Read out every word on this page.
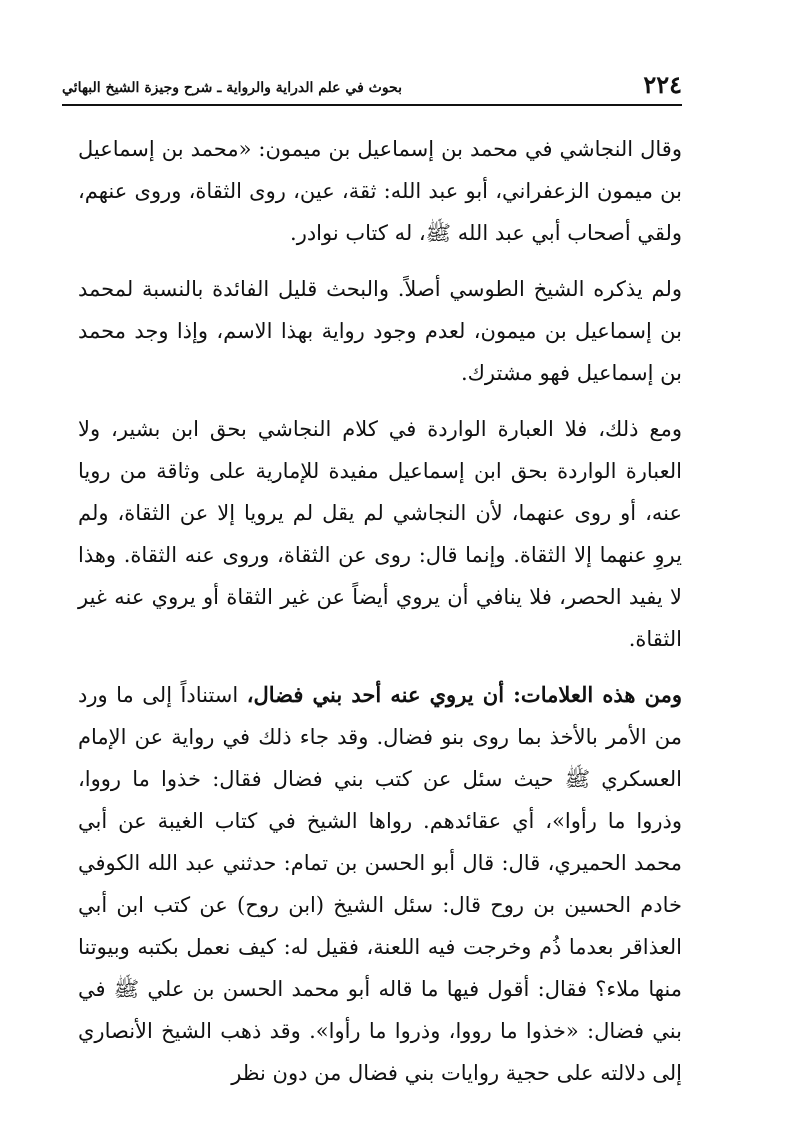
٢٢٤
بحوث في علم الدراية والرواية ـ شرح وجيزة الشيخ البهائي

وقال النجاشي في محمد بن إسماعيل بن ميمون: «محمد بن إسماعيل بن ميمون الزعفراني، أبو عبد الله: ثقة، عين، روى الثقاة، وروى عنهم، ولقي أصحاب أبي عبد الله ﷺ، له كتاب نوادر.

ولم يذكره الشيخ الطوسي أصلاً. والبحث قليل الفائدة بالنسبة لمحمد بن إسماعيل بن ميمون، لعدم وجود رواية بهذا الاسم، وإذا وجد محمد بن إسماعيل فهو مشترك.

ومع ذلك، فلا العبارة الواردة في كلام النجاشي بحق ابن بشير، ولا العبارة الواردة بحق ابن إسماعيل مفيدة للإمارية على وثاقة من رويا عنه، أو روى عنهما، لأن النجاشي لم يقل لم يرويا إلا عن الثقاة، ولم يروِ عنهما إلا الثقاة. وإنما قال: روى عن الثقاة، وروى عنه الثقاة. وهذا لا يفيد الحصر، فلا ينافي أن يروي أيضاً عن غير الثقاة أو يروي عنه غير الثقاة.

ومن هذه العلامات: أن يروي عنه أحد بني فضال، استناداً إلى ما ورد من الأمر بالأخذ بما روى بنو فضال. وقد جاء ذلك في رواية عن الإمام العسكري ﷺ حيث سئل عن كتب بني فضال فقال: خذوا ما رووا، وذروا ما رأوا»، أي عقائدهم. رواها الشيخ في كتاب الغيبة عن أبي محمد الحميري، قال: قال أبو الحسن بن تمام: حدثني عبد الله الكوفي خادم الحسين بن روح قال: سئل الشيخ (ابن روح) عن كتب ابن أبي العذاقر بعدما ذُم وخرجت فيه اللعنة، فقيل له: كيف نعمل بكتبه وبيوتنا منها ملاء؟ فقال: أقول فيها ما قاله أبو محمد الحسن بن علي ﷺ في بني فضال: «خذوا ما رووا، وذروا ما رأوا». وقد ذهب الشيخ الأنصاري إلى دلالته على حجية روايات بني فضال من دون نظر
